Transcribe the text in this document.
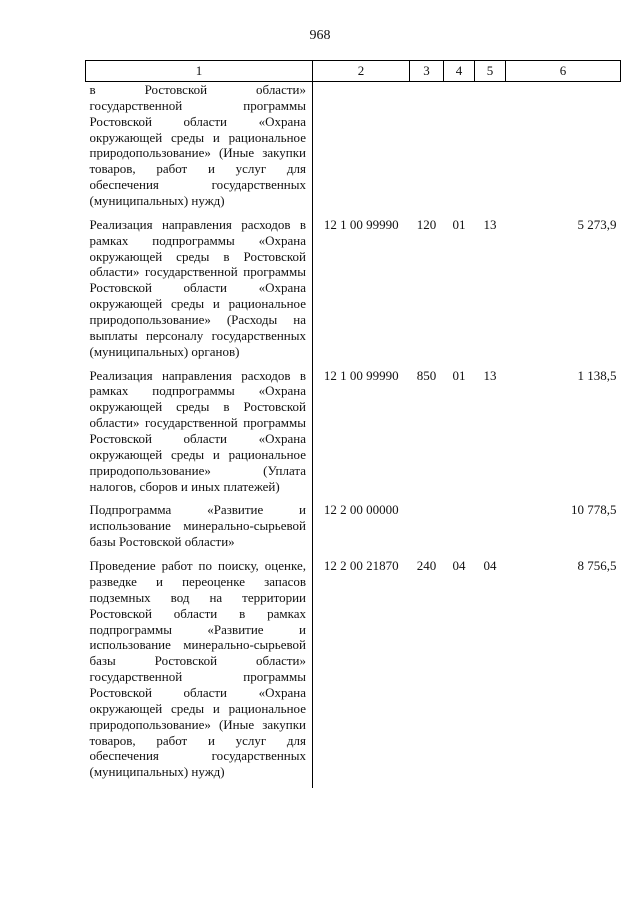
968
1	2	3	4	5	6
в Ростовской области» государственной программы Ростовской области «Охрана окружающей среды и рациональное природопользование» (Иные закупки товаров, работ и услуг для обеспечения государственных (муниципальных) нужд)					
Реализация направления расходов в рамках подпрограммы «Охрана окружающей среды в Ростовской области» государственной программы Ростовской области «Охрана окружающей среды и рациональное природопользование» (Расходы на выплаты персоналу государственных (муниципальных) органов)	12 1 00 99990	120	01	13	5 273,9
Реализация направления расходов в рамках подпрограммы «Охрана окружающей среды в Ростовской области» государственной программы Ростовской области «Охрана окружающей среды и рациональное природопользование» (Уплата налогов, сборов и иных платежей)	12 1 00 99990	850	01	13	1 138,5
Подпрограмма «Развитие и использование минерально-сырьевой базы Ростовской области»	12 2 00 00000				10 778,5
Проведение работ по поиску, оценке, разведке и переоценке запасов подземных вод на территории Ростовской области в рамках подпрограммы «Развитие и использование минерально-сырьевой базы Ростовской области» государственной программы Ростовской области «Охрана окружающей среды и рациональное природопользование» (Иные закупки товаров, работ и услуг для обеспечения государственных (муниципальных) нужд)	12 2 00 21870	240	04	04	8 756,5
